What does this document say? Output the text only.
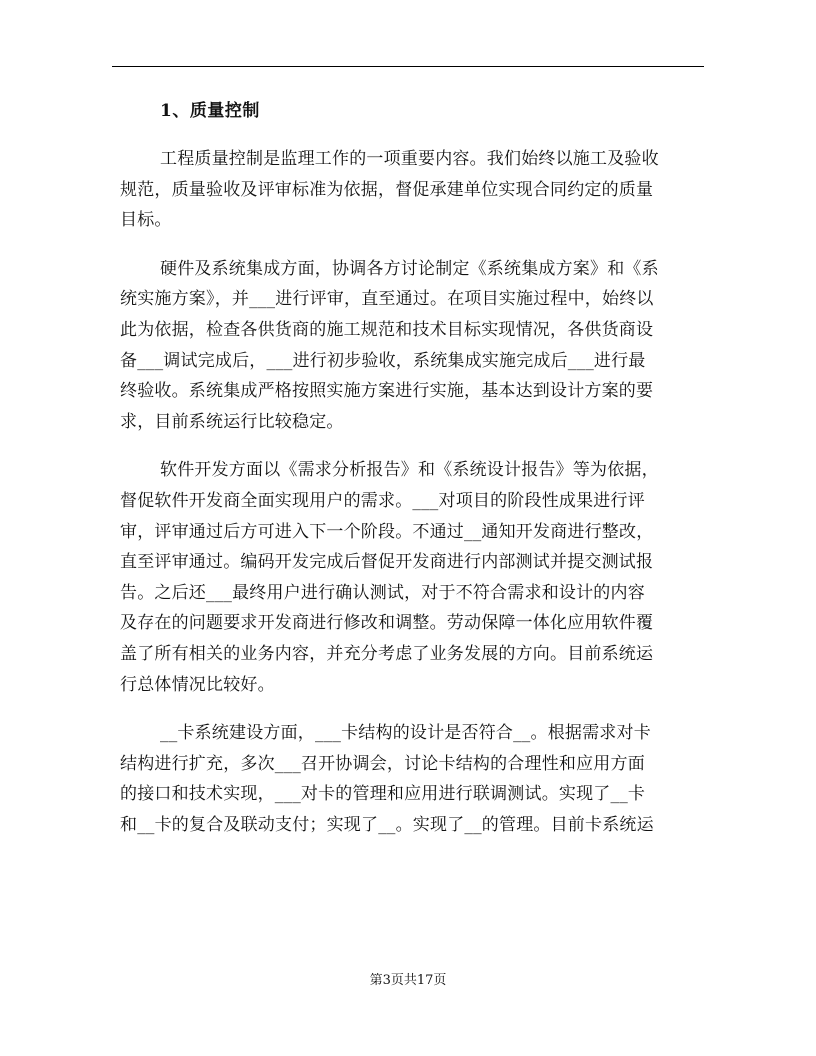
1、质量控制

工程质量控制是监理工作的一项重要内容。我们始终以施工及验收
规范，质量验收及评审标准为依据，督促承建单位实现合同约定的质量
目标。

硬件及系统集成方面，协调各方讨论制定《系统集成方案》和《系
统实施方案》，并___进行评审，直至通过。在项目实施过程中，始终以
此为依据，检查各供货商的施工规范和技术目标实现情况，各供货商设
备___调试完成后，___进行初步验收，系统集成实施完成后___进行最
终验收。系统集成严格按照实施方案进行实施，基本达到设计方案的要
求，目前系统运行比较稳定。

软件开发方面以《需求分析报告》和《系统设计报告》等为依据，
督促软件开发商全面实现用户的需求。___对项目的阶段性成果进行评
审，评审通过后方可进入下一个阶段。不通过__通知开发商进行整改，
直至评审通过。编码开发完成后督促开发商进行内部测试并提交测试报
告。之后还___最终用户进行确认测试，对于不符合需求和设计的内容
及存在的问题要求开发商进行修改和调整。劳动保障一体化应用软件覆
盖了所有相关的业务内容，并充分考虑了业务发展的方向。目前系统运
行总体情况比较好。

__卡系统建设方面，___卡结构的设计是否符合__。根据需求对卡
结构进行扩充，多次___召开协调会，讨论卡结构的合理性和应用方面
的接口和技术实现，___对卡的管理和应用进行联调测试。实现了__卡
和__卡的复合及联动支付；实现了__。实现了__的管理。目前卡系统运

第3页共17页
